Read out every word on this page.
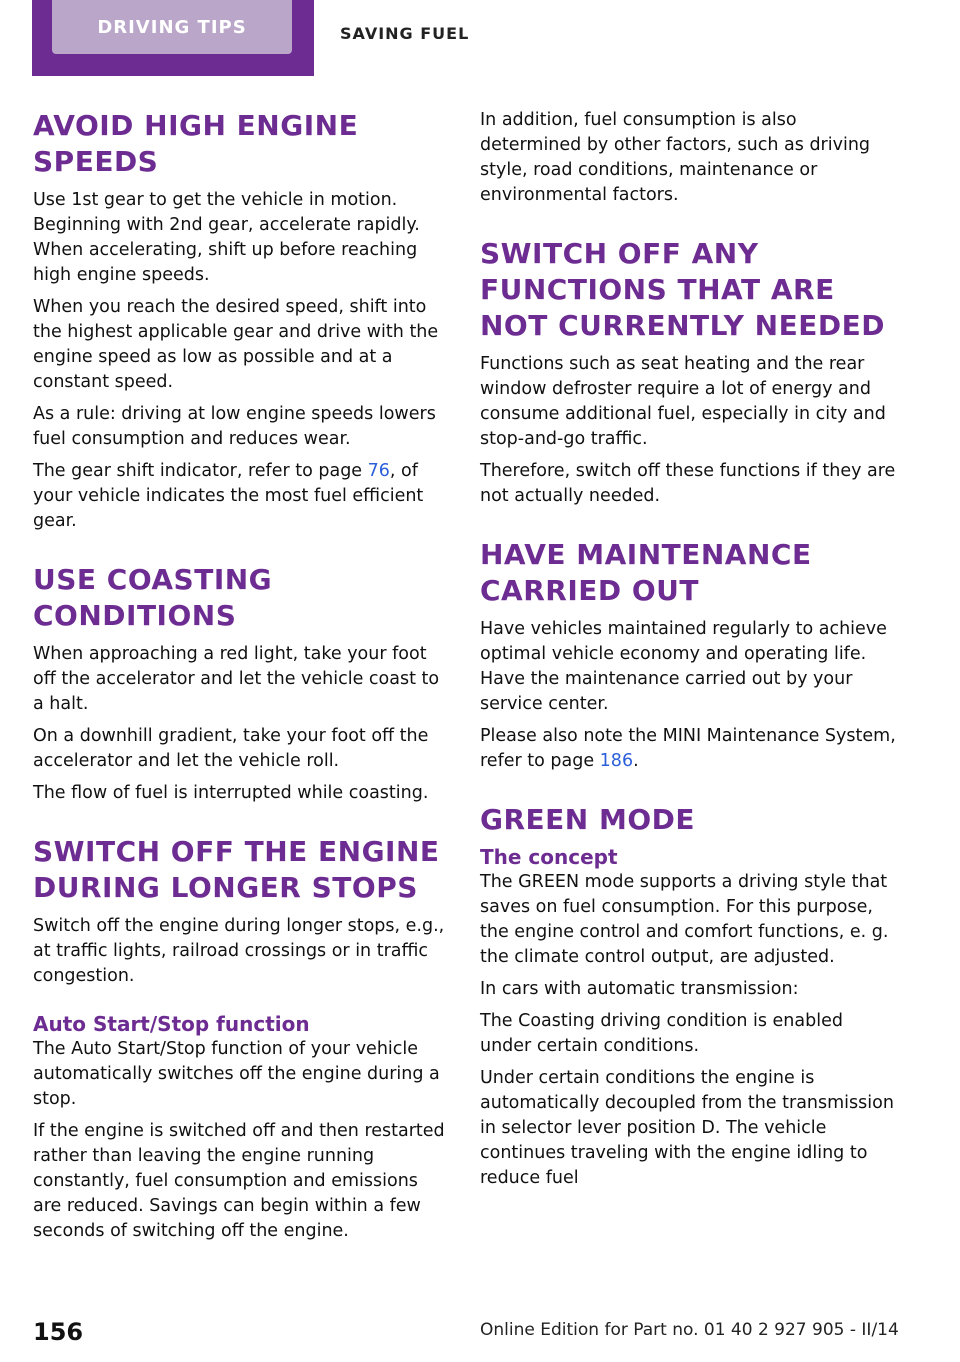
DRIVING TIPS	SAVING FUEL
AVOID HIGH ENGINE SPEEDS

Use 1st gear to get the vehicle in motion. Beginning with 2nd gear, accelerate rapidly. When accelerating, shift up before reaching high engine speeds.

When you reach the desired speed, shift into the highest applicable gear and drive with the engine speed as low as possible and at a constant speed.

As a rule: driving at low engine speeds lowers fuel consumption and reduces wear.

The gear shift indicator, refer to page 76, of your vehicle indicates the most fuel efficient gear.

USE COASTING CONDITIONS

When approaching a red light, take your foot off the accelerator and let the vehicle coast to a halt.

On a downhill gradient, take your foot off the accelerator and let the vehicle roll.

The flow of fuel is interrupted while coasting.

SWITCH OFF THE ENGINE DURING LONGER STOPS

Switch off the engine during longer stops, e.g., at traffic lights, railroad crossings or in traffic congestion.

Auto Start/Stop function

The Auto Start/Stop function of your vehicle automatically switches off the engine during a stop.

If the engine is switched off and then restarted rather than leaving the engine running constantly, fuel consumption and emissions are reduced. Savings can begin within a few seconds of switching off the engine.

In addition, fuel consumption is also determined by other factors, such as driving style, road conditions, maintenance or environmental factors.

SWITCH OFF ANY FUNCTIONS THAT ARE NOT CURRENTLY NEEDED

Functions such as seat heating and the rear window defroster require a lot of energy and consume additional fuel, especially in city and stop-and-go traffic.

Therefore, switch off these functions if they are not actually needed.

HAVE MAINTENANCE CARRIED OUT

Have vehicles maintained regularly to achieve optimal vehicle economy and operating life. Have the maintenance carried out by your service center.

Please also note the MINI Maintenance System, refer to page 186.

GREEN MODE
The concept

The GREEN mode supports a driving style that saves on fuel consumption. For this purpose, the engine control and comfort functions, e. g. the climate control output, are adjusted.

In cars with automatic transmission:

The Coasting driving condition is enabled under certain conditions.

Under certain conditions the engine is automatically decoupled from the transmission in selector lever position D. The vehicle continues traveling with the engine idling to reduce fuel

156	Online Edition for Part no. 01 40 2 927 905 - II/14
